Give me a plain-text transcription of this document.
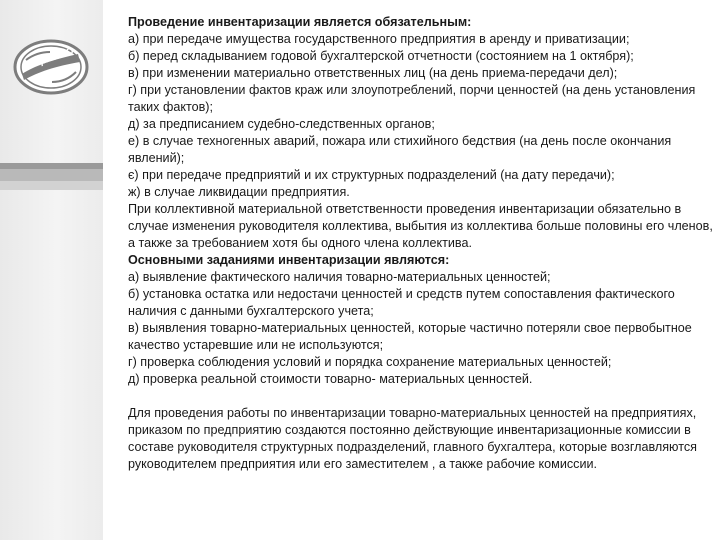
КрАКТО

Проведение инвентаризации является обязательным:

а) при передаче имущества государственного предприятия в аренду и приватизации;

б) перед складыванием годовой бухгалтерской отчетности (состоянием на 1 октября);

в) при изменении материально ответственных лиц (на день приема-передачи дел);

г) при установлении фактов краж или злоупотреблений, порчи ценностей (на день установления таких фактов);

д) за предписанием судебно-следственных органов;

е) в случае техногенных аварий, пожара или стихийного бедствия (на день после окончания явлений);

є) при передаче предприятий и их структурных подразделений (на дату передачи);

ж) в случае ликвидации предприятия.

При коллективной материальной ответственности проведения инвентаризации обязательно в случае изменения руководителя коллектива, выбытия из коллектива больше половины его членов, а также за требованием хотя бы одного члена коллектива.

Основными заданиями инвентаризации являются:

а) выявление фактического наличия товарно-материальных ценностей;

б) установка остатка или недостачи ценностей и средств путем сопоставления фактического наличия с данными бухгалтерского учета;

в) выявления товарно-материальных ценностей, которые частично потеряли свое первобытное качество устаревшие или не используются;

г) проверка соблюдения условий и порядка сохранение материальных ценностей;

д) проверка реальной стоимости товарно- материальных ценностей.

Для проведения работы по инвентаризации товарно-материальных ценностей на предприятиях, приказом по предприятию создаются постоянно действующие инвентаризационные комиссии в составе руководителя структурных подразделений, главного бухгалтера, которые возглавляются руководителем предприятия или его заместителем , а также рабочие комиссии.
